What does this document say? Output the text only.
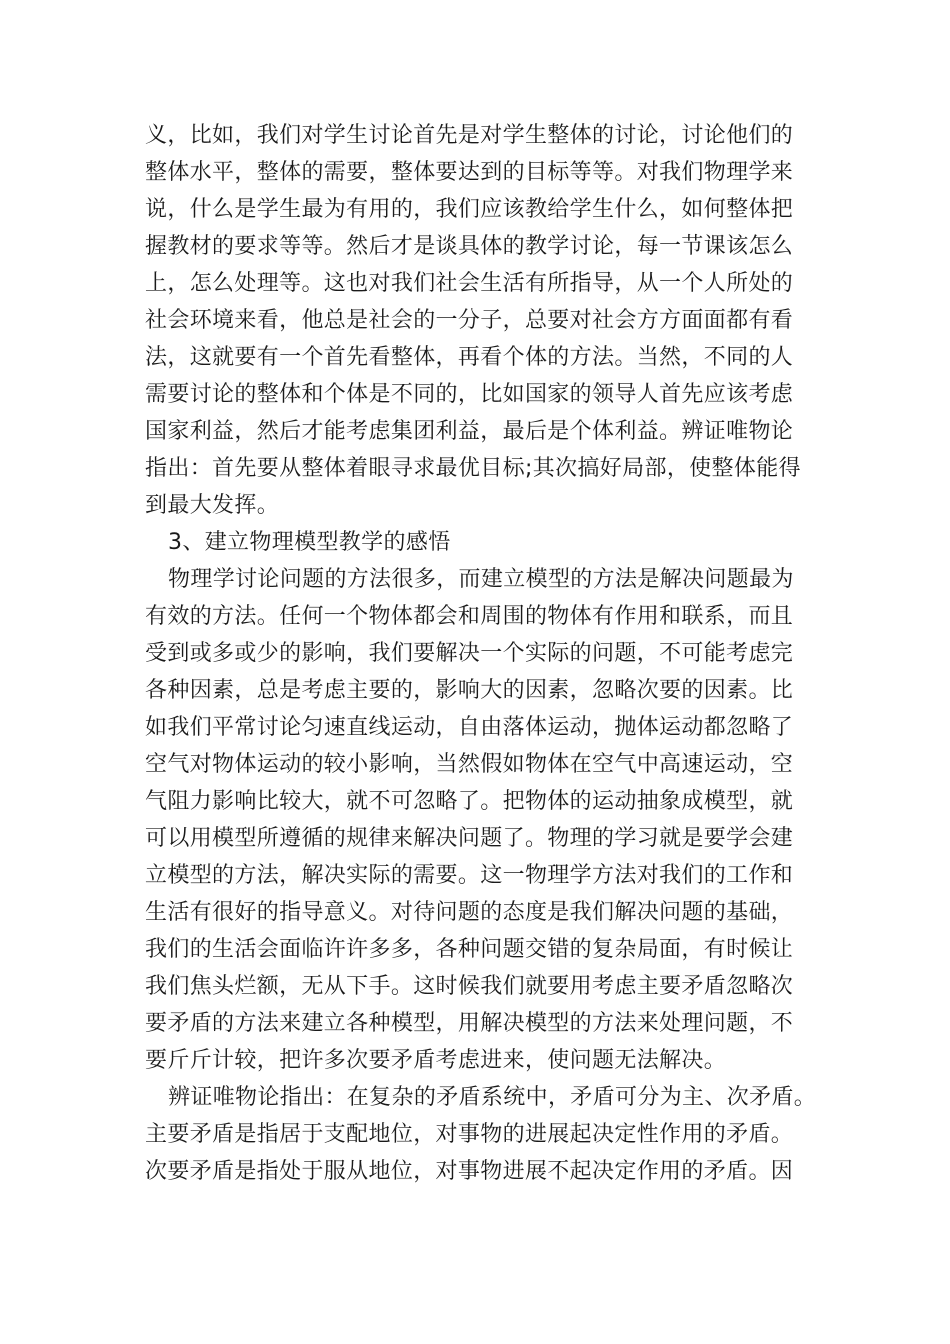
义，比如，我们对学生讨论首先是对学生整体的讨论，讨论他们的
整体水平，整体的需要，整体要达到的目标等等。对我们物理学来
说，什么是学生最为有用的，我们应该教给学生什么，如何整体把
握教材的要求等等。然后才是谈具体的教学讨论，每一节课该怎么
上，怎么处理等。这也对我们社会生活有所指导，从一个人所处的
社会环境来看，他总是社会的一分子，总要对社会方方面面都有看
法，这就要有一个首先看整体，再看个体的方法。当然，不同的人
需要讨论的整体和个体是不同的，比如国家的领导人首先应该考虑
国家利益，然后才能考虑集团利益，最后是个体利益。辨证唯物论
指出：首先要从整体着眼寻求最优目标;其次搞好局部，使整体能得
到最大发挥。
3、建立物理模型教学的感悟
物理学讨论问题的方法很多，而建立模型的方法是解决问题最为
有效的方法。任何一个物体都会和周围的物体有作用和联系，而且
受到或多或少的影响，我们要解决一个实际的问题，不可能考虑完
各种因素，总是考虑主要的，影响大的因素，忽略次要的因素。比
如我们平常讨论匀速直线运动，自由落体运动，抛体运动都忽略了
空气对物体运动的较小影响，当然假如物体在空气中高速运动，空
气阻力影响比较大，就不可忽略了。把物体的运动抽象成模型，就
可以用模型所遵循的规律来解决问题了。物理的学习就是要学会建
立模型的方法，解决实际的需要。这一物理学方法对我们的工作和
生活有很好的指导意义。对待问题的态度是我们解决问题的基础，
我们的生活会面临许许多多，各种问题交错的复杂局面，有时候让
我们焦头烂额，无从下手。这时候我们就要用考虑主要矛盾忽略次
要矛盾的方法来建立各种模型，用解决模型的方法来处理问题，不
要斤斤计较，把许多次要矛盾考虑进来，使问题无法解决。
辨证唯物论指出：在复杂的矛盾系统中，矛盾可分为主、次矛盾。
主要矛盾是指居于支配地位，对事物的进展起决定性作用的矛盾。
次要矛盾是指处于服从地位，对事物进展不起决定作用的矛盾。因
